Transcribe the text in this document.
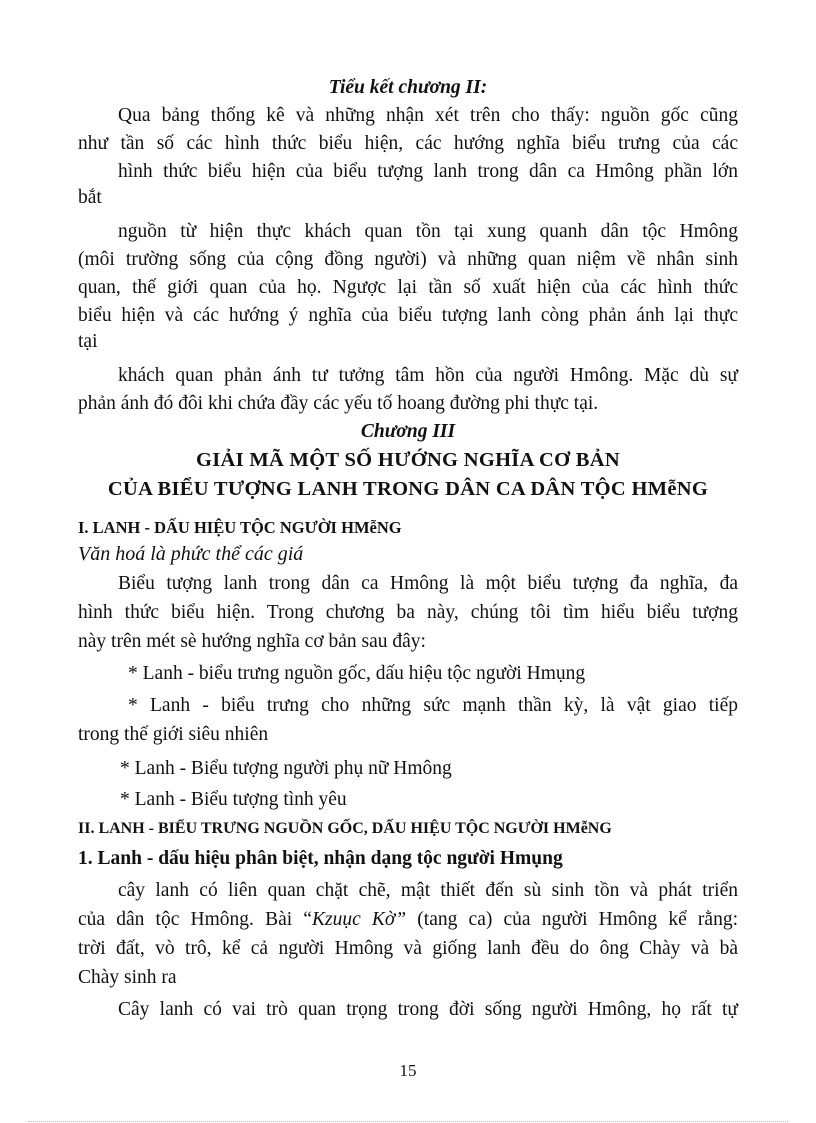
Tiểu kết chương II:
Qua bảng thống kê và những nhận xét trên cho thấy: nguồn gốc cũng
như tần số các hình thức biểu hiện, các hướng nghĩa biểu trưng của các
hình thức biểu hiện của biểu tượng lanh trong dân ca Hmông phần lớn
bắt
nguồn từ hiện thực khách quan tồn tại xung quanh dân tộc Hmông
(môi trường sống của cộng đồng người) và những quan niệm về nhân sinh
quan, thế giới quan của họ. Ngược lại tần số xuất hiện của các hình thức
biểu hiện và các hướng ý nghĩa của biểu tượng lanh còng phản ánh lại thực
tại
khách quan phản ánh tư tưởng tâm hồn của người Hmông. Mặc dù sự
phản ánh đó đôi khi chứa đầy các yếu tố hoang đường phi thực tại.
Chương III
GIẢI MÃ MỘT SỐ HƯỚNG NGHĨA CƠ BẢN
CỦA BIỂU TƯỢNG LANH TRONG DÂN CA DÂN TỘC HMễNG
I. LANH - DẤU HIỆU TỘC NGƯỜI HMễNG
Văn hoá là phức thể các giá
Biểu tượng lanh trong dân ca Hmông là một biểu tượng đa nghĩa, đa
hình thức biểu hiện. Trong chương ba này, chúng tôi tìm hiểu biểu tượng
này trên mét sè hướng nghĩa cơ bản sau đây:
* Lanh - biểu trưng nguồn gốc, dấu hiệu tộc người Hmụng
* Lanh - biểu trưng cho những sức mạnh thần kỳ, là vật giao tiếp
trong thế giới siêu nhiên
* Lanh - Biểu tượng người phụ nữ Hmông
* Lanh - Biểu tượng tình yêu
II. LANH - BIỂU TRƯNG NGUỒN GỐC, DẤU HIỆU TỘC NGƯỜI HMễNG
1. Lanh - dấu hiệu phân biệt, nhận dạng tộc người Hmụng
cây lanh có liên quan chặt chẽ, mật thiết đến sù sinh tồn và phát triển
của dân tộc Hmông. Bài “Kzuục Kờ” (tang ca) của người Hmông kể rằng:
trời đất, vò trô, kể cả người Hmông và giống lanh đều do ông Chày và bà
Chày sinh ra
Cây lanh có vai trò quan trọng trong đời sống người Hmông, họ rất tự
15
